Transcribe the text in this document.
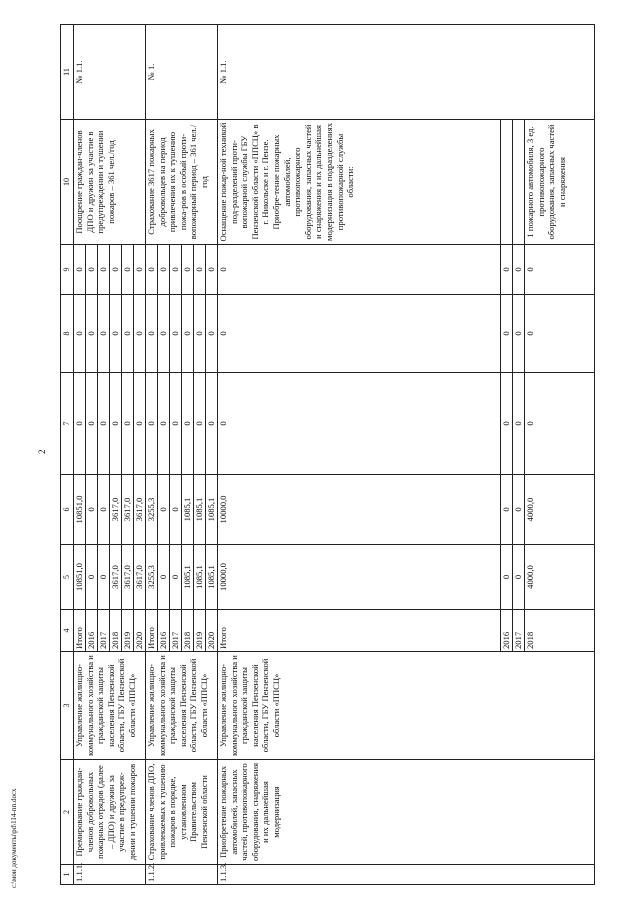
2
c:\мои документы\pd\114-пп.docx	1	2	3	4	5	6	7	8	9	10	11
1.1.1.	Премирование граждан-членов добровольных пожарных отрядов (далее – ДПО) и дружин за участие в предупреж-дении и тушении пожаров	Управление жилищно-коммунального хозяйства и гражданской защиты населения Пензенской области, ГБУ Пензенской области «ППСЦ»	Итого	10851,0	10851,0	0	0	0	Поощрение граждан-членов ДПО и дружин за участие в предупреждении и тушении пожаров – 361 чел./год	№ 1.1.
			2016	0	0	0	0	0		
			2017	0	0	0	0	0		
			2018	3617,0	3617,0	0	0	0		
			2019	3617,0	3617,0	0	0	0		
			2020	3617,0	3617,0	0	0	0		
1.1.2.	Страхование членов ДПО, привлекаемых к тушению пожаров в порядке, установленном Правительством Пензенской области	Управление жилищно-коммунального хозяйства и гражданской защиты населения Пензенской области, ГБУ Пензенской области «ППСЦ»	Итого	3255,3	3255,3	0	0	0	Страхование 3617 пожарных добровольцев на период привлечения их к тушению пожа-ров в особый проти-вопожарный период – 361 чел./год	№ 1.
			2016	0	0	0	0	0		
			2017	0	0	0	0	0		
			2018	1085,1	1085,1	0	0	0		
			2019	1085,1	1085,1	0	0	0		
			2020	1085,1	1085,1	0	0	0		
1.1.3.	Приобретение пожарных автомобилей, запасных частей, противопожарного оборудования, снаряжения и их дальнейшая модернизация	Управление жилищно-коммунального хозяйства и гражданской защиты населения Пензенской области, ГБУ Пензенской области «ППСЦ»	Итого	10000,0	10000,0	0	0	0	Оснащение пожар-ной техникой под-разделений проти-вопожарной службы ГБУ Пензенской области «ППСЦ» в г. Никольске и г. Пензе. Приобре-тение пожарных автомобилей, противопожарного оборудования, запасных частей и снаряжения и их дальнейшая модернизация в подразделениях противопожарной службы области:	№ 1.1.
			2016	0	0	0	0	0		
			2017	0	0	0	0	0		
			2018	4000,0	4000,0	0	0	0	1 пожарного автомобиля, 3 ед. противопожарного оборудования, запасных частей и снаряжения	
